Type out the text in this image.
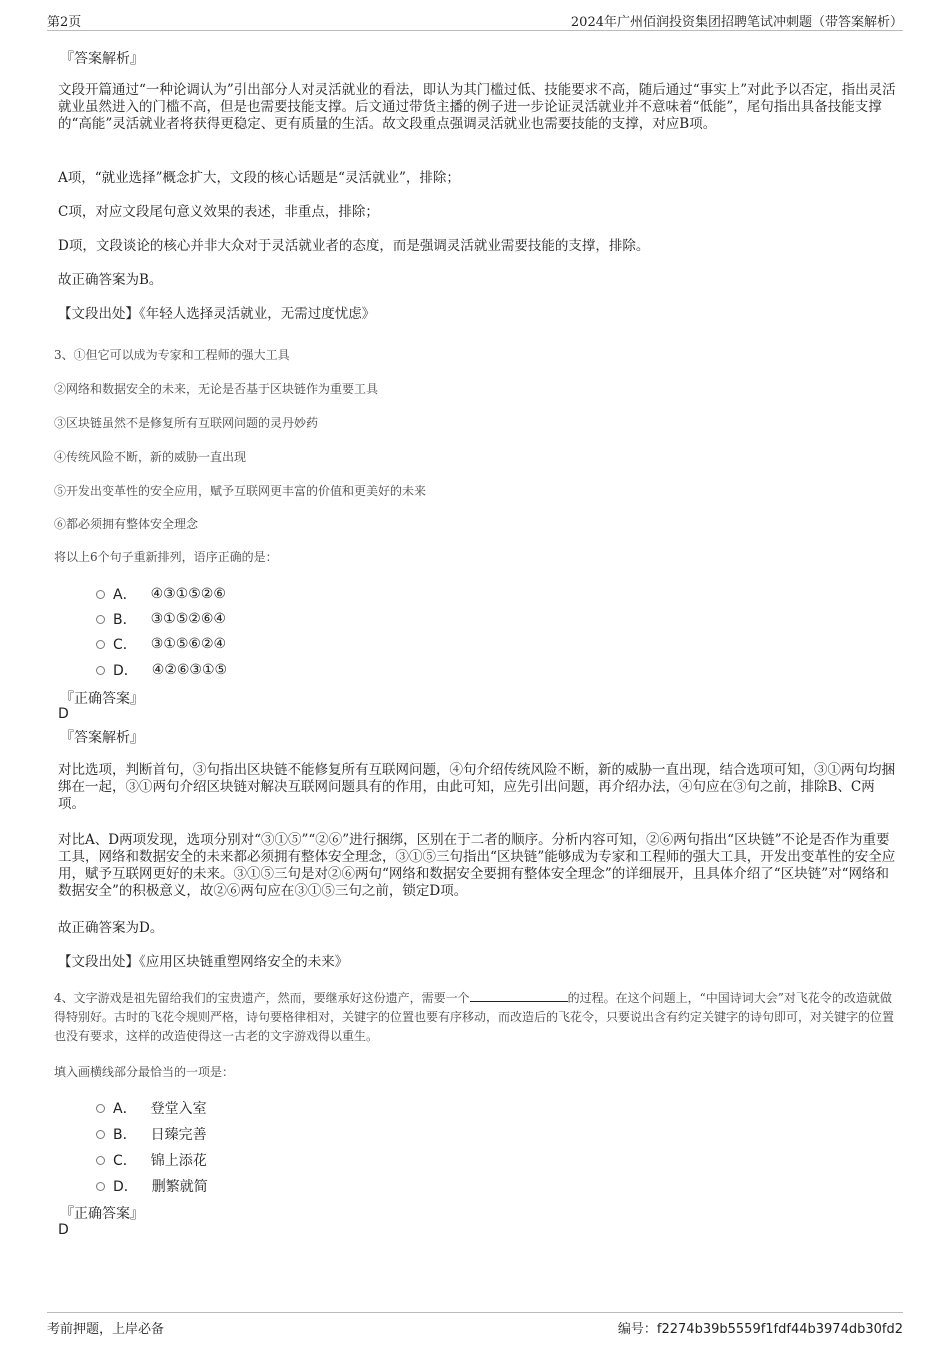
第2页	2024年广州佰润投资集团招聘笔试冲刺题（带答案解析）
『答案解析』

文段开篇通过“一种论调认为”引出部分人对灵活就业的看法，即认为其门槛过低、技能要求不高，随后通过“事实上”对此予以否定，指出灵活就业虽然进入的门槛不高，但是也需要技能支撑。后文通过带货主播的例子进一步论证灵活就业并不意味着“低能”，尾句指出具备技能支撑的“高能”灵活就业者将获得更稳定、更有质量的生活。故文段重点强调灵活就业也需要技能的支撑，对应B项。

A项，“就业选择”概念扩大，文段的核心话题是“灵活就业”，排除；

C项，对应文段尾句意义效果的表述，非重点，排除；

D项，文段谈论的核心并非大众对于灵活就业者的态度，而是强调灵活就业需要技能的支撑，排除。

故正确答案为B。

【文段出处】《年轻人选择灵活就业，无需过度忧虑》

3、①但它可以成为专家和工程师的强大工具
②网络和数据安全的未来，无论是否基于区块链作为重要工具
③区块链虽然不是修复所有互联网问题的灵丹妙药
④传统风险不断，新的威胁一直出现
⑤开发出变革性的安全应用，赋予互联网更丰富的价值和更美好的未来
⑥都必须拥有整体安全理念
将以上6个句子重新排列，语序正确的是：
A． ④③①⑤②⑥
B． ③①⑤②⑥④
C． ③①⑤⑥②④
D． ④②⑥③①⑤
『正确答案』
D
『答案解析』

对比选项，判断首句，③句指出区块链不能修复所有互联网问题，④句介绍传统风险不断，新的威胁一直出现，结合选项可知，③①两句均捆绑在一起，③①两句介绍区块链对解决互联网问题具有的作用，由此可知，应先引出问题，再介绍办法，④句应在③句之前，排除B、C两项。

对比A、D两项发现，选项分别对“③①⑤”“②⑥”进行捆绑，区别在于二者的顺序。分析内容可知，②⑥两句指出“区块链”不论是否作为重要工具，网络和数据安全的未来都必须拥有整体安全理念，③①⑤三句指出“区块链”能够成为专家和工程师的强大工具，开发出变革性的安全应用，赋予互联网更好的未来。③①⑤三句是对②⑥两句“网络和数据安全要拥有整体安全理念”的详细展开，且具体介绍了“区块链”对“网络和数据安全”的积极意义，故②⑥两句应在③①⑤三句之前，锁定D项。

故正确答案为D。

【文段出处】《应用区块链重塑网络安全的未来》

4、文字游戏是祖先留给我们的宝贵遗产，然而，要继承好这份遗产，需要一个	的过程。在这个问题上，“中国诗词大会”对飞花令的改造就做得特别好。古时的飞花令规则严格，诗句要格律相对，关键字的位置也要有序移动，而改造后的飞花令，只要说出含有约定关键字的诗句即可，对关键字的位置也没有要求，这样的改造使得这一古老的文字游戏得以重生。

填入画横线部分最恰当的一项是：
A． 登堂入室
B． 日臻完善
C． 锦上添花
D． 删繁就简
『正确答案』
D
考前押题，上岸必备	编号：f2274b39b5559f1fdf44b3974db30fd2
